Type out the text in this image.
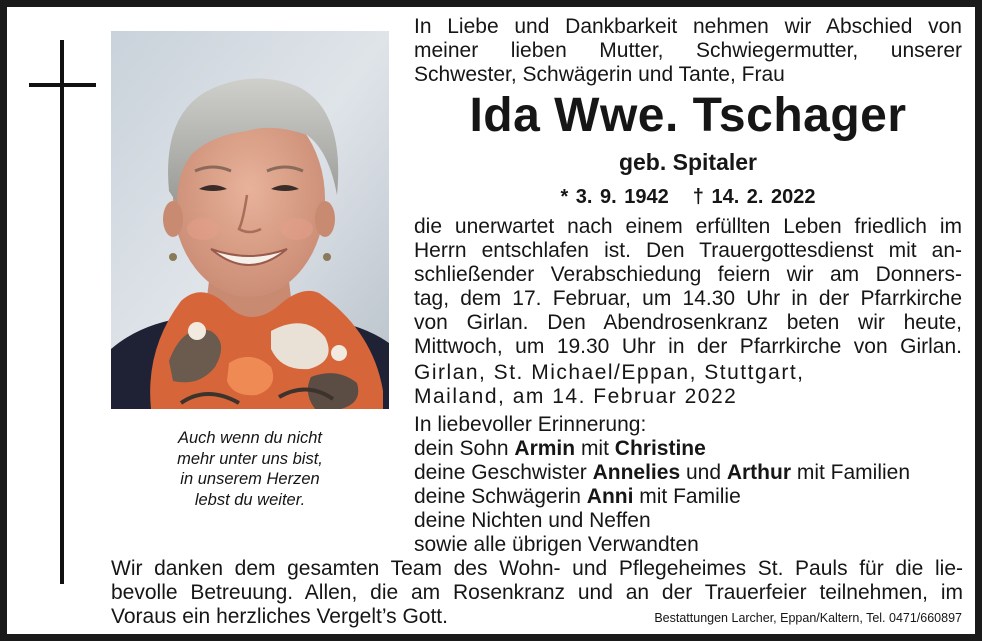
Auch wenn du nicht
mehr unter uns bist,
in unserem Herzen
lebst du weiter.
In Liebe und Dankbarkeit nehmen wir Abschied von meiner lieben Mutter, Schwiegermutter, unserer Schwester, Schwägerin und Tante, Frau
Ida Wwe. Tschager
geb. Spitaler
* 3. 9. 1942 † 14. 2. 2022
die unerwartet nach einem erfüllten Leben friedlich im
Herrn entschlafen ist. Den Trauergottesdienst mit an-
schließender Verabschiedung feiern wir am Donners-
tag, dem 17. Februar, um 14.30 Uhr in der Pfarrkirche
von Girlan. Den Abendrosenkranz beten wir heute,
Mittwoch, um 19.30 Uhr in der Pfarrkirche von Girlan.
Girlan, St. Michael/Eppan, Stuttgart,
Mailand, am 14. Februar 2022
In liebevoller Erinnerung:
dein Sohn Armin mit Christine
deine Geschwister Annelies und Arthur mit Familien
deine Schwägerin Anni mit Familie
deine Nichten und Neffen
sowie alle übrigen Verwandten
Wir danken dem gesamten Team des Wohn- und Pflegeheimes St. Pauls für die lie-
bevolle Betreuung. Allen, die am Rosenkranz und an der Trauerfeier teilnehmen, im
Voraus ein herzliches Vergelt’s Gott.	Bestattungen Larcher, Eppan/Kaltern, Tel. 0471/660897
